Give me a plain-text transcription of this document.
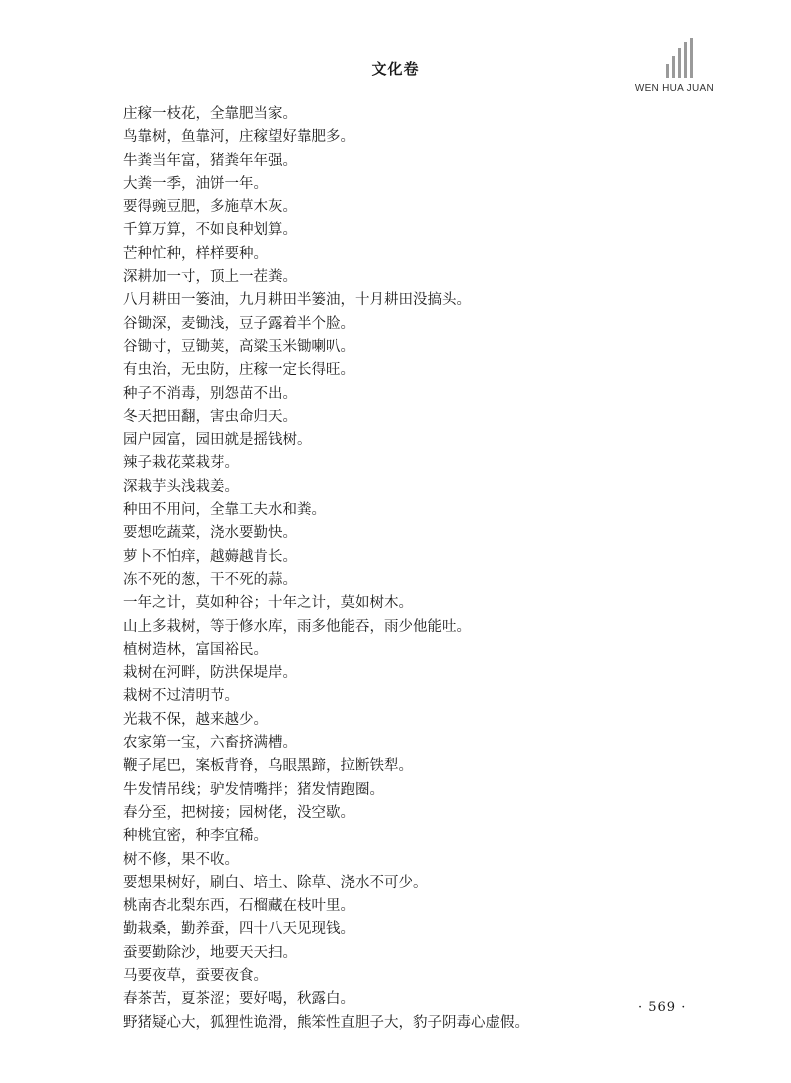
文化卷
WEN HUA JUAN
庄稼一枝花，全靠肥当家。
鸟靠树，鱼靠河，庄稼望好靠肥多。
牛粪当年富，猪粪年年强。
大粪一季，油饼一年。
要得豌豆肥，多施草木灰。
千算万算，不如良种划算。
芒种忙种，样样要种。
深耕加一寸，顶上一茬粪。
八月耕田一篓油，九月耕田半篓油，十月耕田没搞头。
谷锄深，麦锄浅，豆子露着半个脸。
谷锄寸，豆锄荚，高粱玉米锄喇叭。
有虫治，无虫防，庄稼一定长得旺。
种子不消毒，别怨苗不出。
冬天把田翻，害虫命归天。
园户园富，园田就是摇钱树。
辣子栽花菜栽芽。
深栽芋头浅栽姜。
种田不用问，全靠工夫水和粪。
要想吃蔬菜，浇水要勤快。
萝卜不怕痒，越薅越肯长。
冻不死的葱，干不死的蒜。
一年之计，莫如种谷；十年之计，莫如树木。
山上多栽树，等于修水库，雨多他能吞，雨少他能吐。
植树造林，富国裕民。
栽树在河畔，防洪保堤岸。
栽树不过清明节。
光栽不保，越来越少。
农家第一宝，六畜挤满槽。
鞭子尾巴，案板背脊，乌眼黑蹄，拉断铁犁。
牛发情吊线；驴发情嘴拌；猪发情跑圈。
春分至，把树接；园树佬，没空歇。
种桃宜密，种李宜稀。
树不修，果不收。
要想果树好，刷白、培土、除草、浇水不可少。
桃南杏北梨东西，石榴藏在枝叶里。
勤栽桑，勤养蚕，四十八天见现钱。
蚕要勤除沙，地要天天扫。
马要夜草，蚕要夜食。
春茶苦，夏茶涩；要好喝，秋露白。
野猪疑心大，狐狸性诡滑，熊笨性直胆子大，豹子阴毒心虚假。
· 569 ·
